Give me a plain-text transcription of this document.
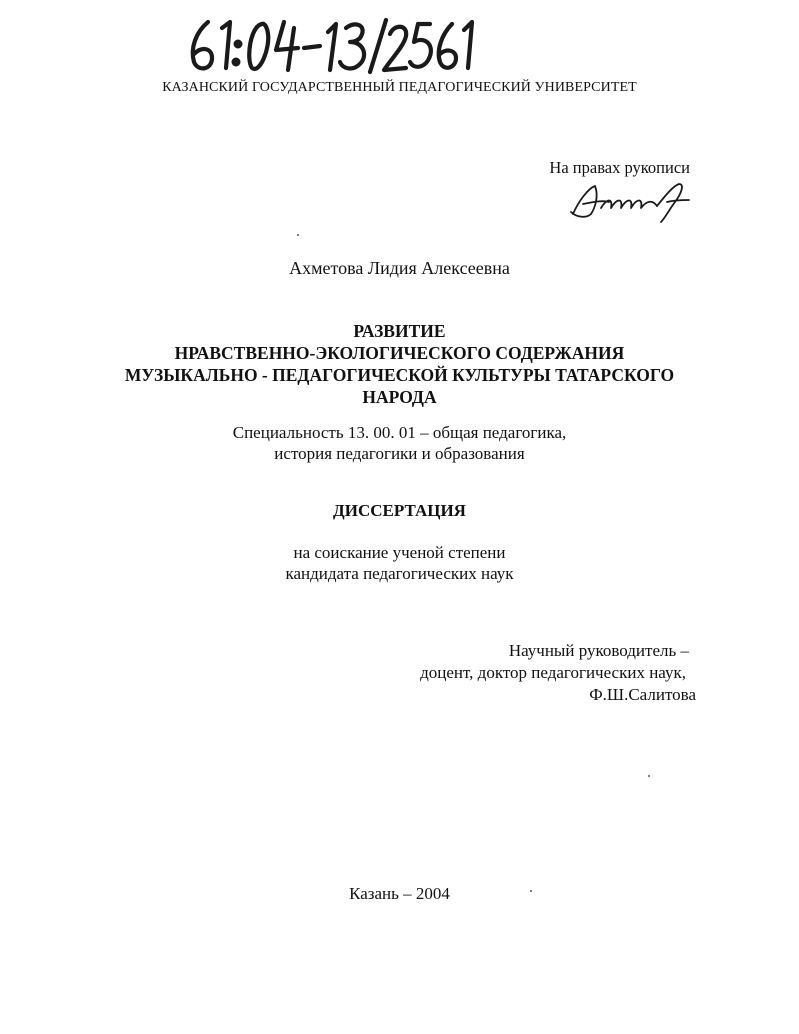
КАЗАНСКИЙ ГОСУДАРСТВЕННЫЙ ПЕДАГОГИЧЕСКИЙ УНИВЕРСИТЕТ
На правах рукописи
Ахметова Лидия Алексеевна
РАЗВИТИЕ
НРАВСТВЕННО-ЭКОЛОГИЧЕСКОГО СОДЕРЖАНИЯ
МУЗЫКАЛЬНО - ПЕДАГОГИЧЕСКОЙ КУЛЬТУРЫ ТАТАРСКОГО
НАРОДА
Специальность 13. 00. 01 – общая педагогика,
история педагогики и образования
ДИССЕРТАЦИЯ
на соискание ученой степени
кандидата педагогических наук
Научный руководитель –
доцент, доктор педагогических наук,
Ф.Ш.Салитова
Казань – 2004
